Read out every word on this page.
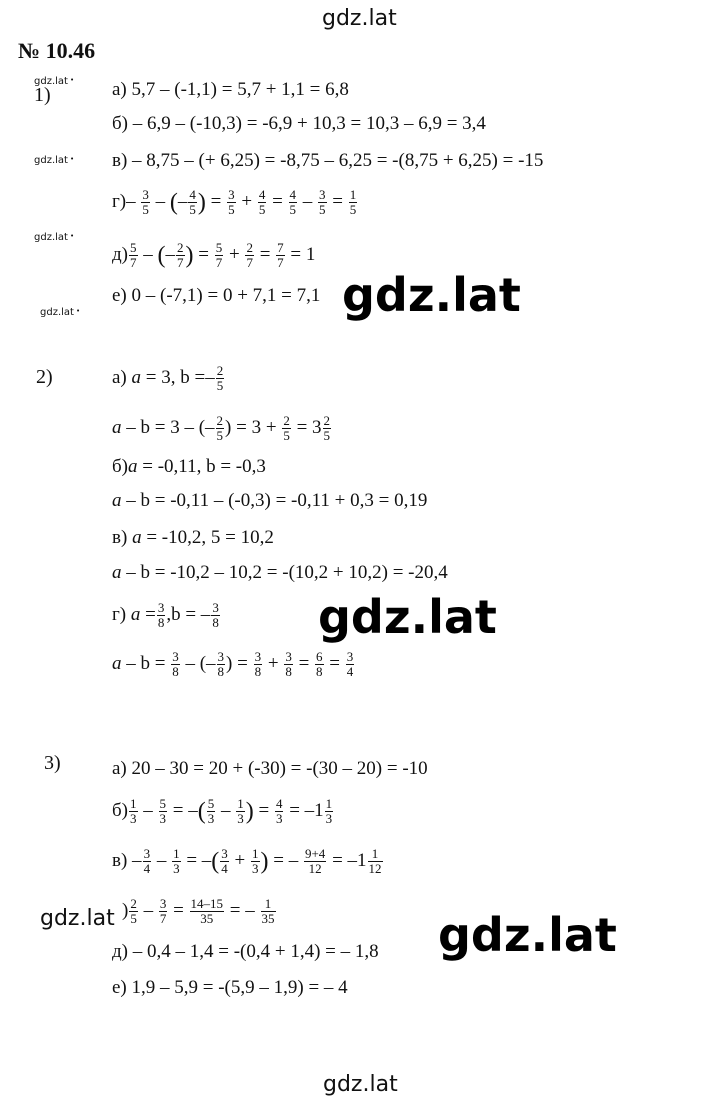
gdz.lat
gdz.lat
gdz.lat •
gdz.lat •
gdz.lat •
gdz.lat •
gdz.lat
gdz.lat
gdz.lat
gdz.lat
№ 10.46
1)	а) 5,7 – (-1,1) = 5,7 + 1,1 = 6,8
б) – 6,9 – (-10,3) = -6,9 + 10,3 = 10,3 – 6,9 = 3,4
в) – 8,75 – (+ 6,25) = -8,75 – 6,25 = -(8,75 + 6,25) = -15
$г)- \frac{3}{5}$ – (– $\frac{4}{5}$ ) = $\frac{3}{5} + \frac{4}{5} = \frac{4}{5} - \frac{3}{5} = \frac{1}{5}$
$д) \frac{5}{7}$ – (– $\frac{2}{7}$ ) = $\frac{5}{7} + \frac{2}{7} = \frac{7}{7} = 1$
е) 0 – (-7,1) = 0 + 7,1 = 7,1
2)	а) a = 3, $b =- \frac{2}{5}$
a – b = 3 – (– $\frac{2}{5}$ ) = $3 + \frac{2}{5} = 3 \frac{2}{5}$
б)a = -0,11, b = -0,3
a – b = -0,11 – (-0,3) = -0,11 + 0,3 = 0,19
в) a = -10,2, 5 = 10,2
a – b = -10,2 – 10,2 = -(10,2 + 10,2) = -20,4
г) $a = \frac{3}{8} ,b$ = – $\frac{3}{8}$
$a - b = \frac{3}{8}$ – (– $\frac{3}{8}$ ) = $\frac{3}{8} + \frac{3}{8} = \frac{6}{8} = \frac{3}{4}$
3)	а) 20 – 30 = 20 + (-30) = -(30 – 20) = -10
$б) \frac{1}{3} - \frac{5}{3}$ = –( $\frac{5}{3} - \frac{1}{3}$ ) = $\frac{4}{3} = -1 \frac{1}{3}$
$в) - \frac{3}{4} - \frac{1}{3}$ = –( $\frac{3}{4} + \frac{1}{3}$ ) = – $\frac{9+4}{12} = -1 \frac{1}{12}$
) $\frac{2}{5} - \frac{3}{7} = \frac{14-15}{35}$ = – $\frac{1}{35}$
д) – 0,4 – 1,4 = -(0,4 + 1,4) = – 1,8
е) 1,9 – 5,9 = -(5,9 – 1,9) = – 4
